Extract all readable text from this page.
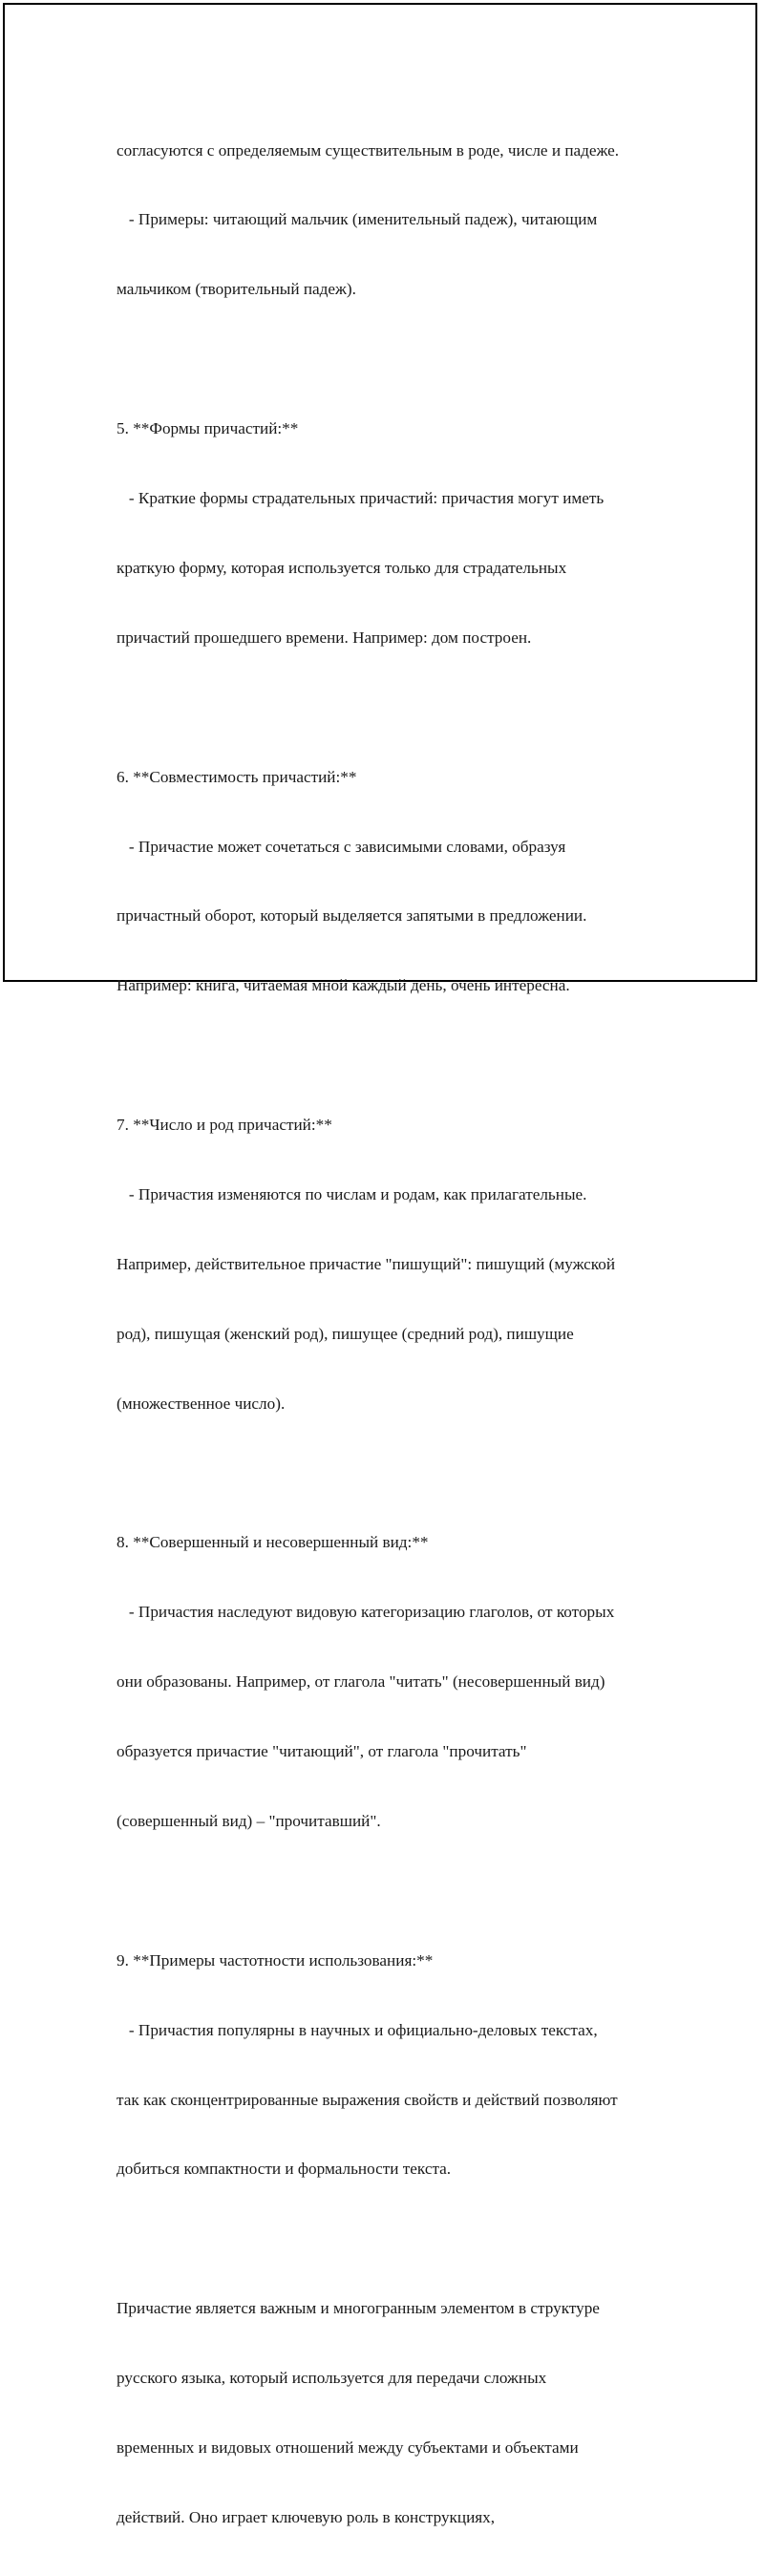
согласуются с определяемым существительным в роде, числе и падеже.

- Примеры: читающий мальчик (именительный падеж), читающим

мальчиком (творительный падеж).

5. **Формы причастий:**

- Краткие формы страдательных причастий: причастия могут иметь

краткую форму, которая используется только для страдательных

причастий прошедшего времени. Например: дом построен.

6. **Совместимость причастий:**

- Причастие может сочетаться с зависимыми словами, образуя

причастный оборот, который выделяется запятыми в предложении.

Например: книга, читаемая мной каждый день, очень интересна.

7. **Число и род причастий:**

- Причастия изменяются по числам и родам, как прилагательные.

Например, действительное причастие "пишущий": пишущий (мужской

род), пишущая (женский род), пишущее (средний род), пишущие

(множественное число).

8. **Совершенный и несовершенный вид:**

- Причастия наследуют видовую категоризацию глаголов, от которых

они образованы. Например, от глагола "читать" (несовершенный вид)

образуется причастие "читающий", от глагола "прочитать"

(совершенный вид) – "прочитавший".

9. **Примеры частотности использования:**

- Причастия популярны в научных и официально-деловых текстах,

так как сконцентрированные выражения свойств и действий позволяют

добиться компактности и формальности текста.

Причастие является важным и многогранным элементом в структуре

русского языка, который используется для передачи сложных

временных и видовых отношений между субъектами и объектами

действий. Оно играет ключевую роль в конструкциях,
